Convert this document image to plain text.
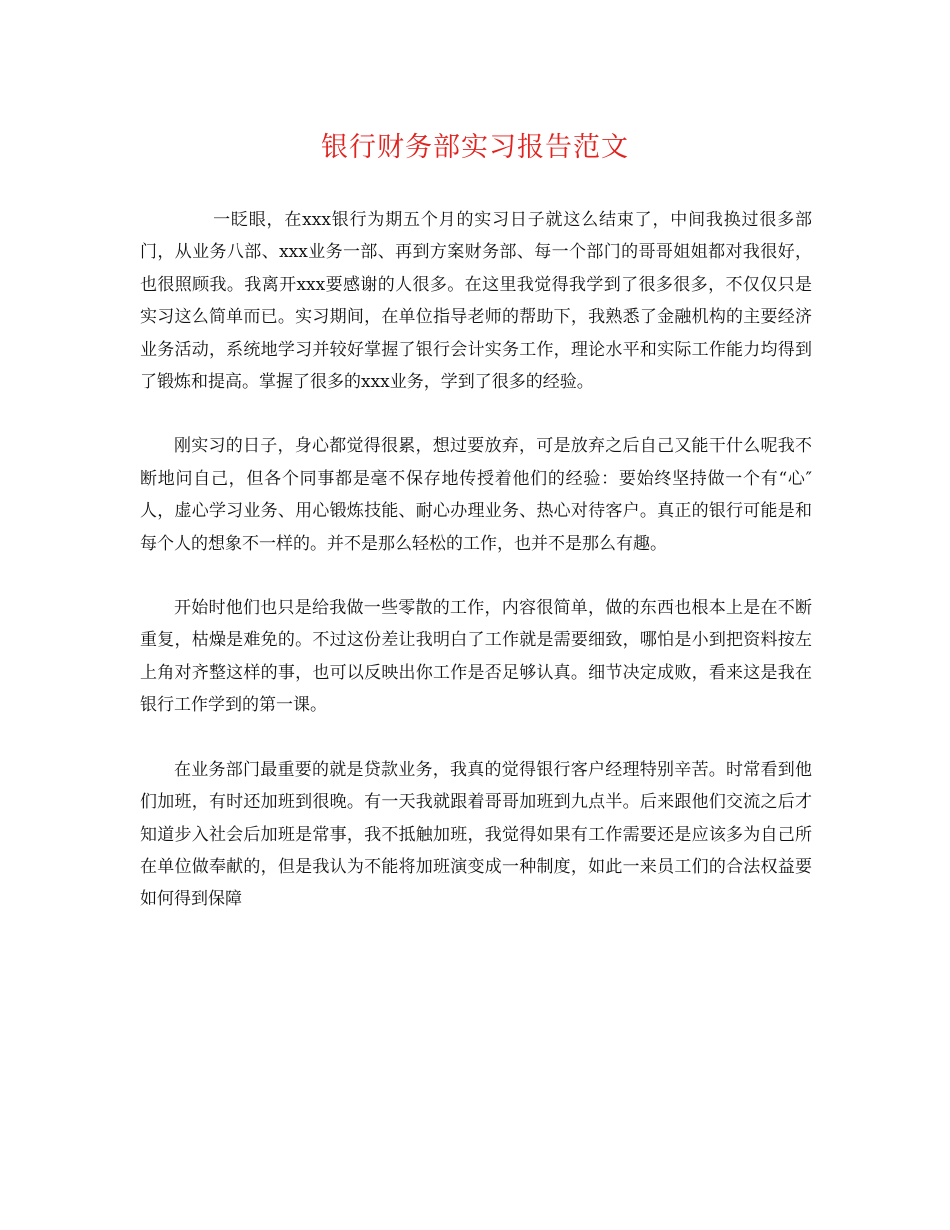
银行财务部实习报告范文

一眨眼，在xxx银行为期五个月的实习日子就这么结束了，中间我换过很多部门，从业务八部、xxx业务一部、再到方案财务部、每一个部门的哥哥姐姐都对我很好，也很照顾我。我离开xxx要感谢的人很多。在这里我觉得我学到了很多很多，不仅仅只是实习这么简单而已。实习期间，在单位指导老师的帮助下，我熟悉了金融机构的主要经济业务活动，系统地学习并较好掌握了银行会计实务工作，理论水平和实际工作能力均得到了锻炼和提高。掌握了很多的xxx业务，学到了很多的经验。

刚实习的日子，身心都觉得很累，想过要放弃，可是放弃之后自己又能干什么呢我不断地问自己，但各个同事都是毫不保存地传授着他们的经验：要始终坚持做一个有“心″人，虚心学习业务、用心锻炼技能、耐心办理业务、热心对待客户。真正的银行可能是和每个人的想象不一样的。并不是那么轻松的工作，也并不是那么有趣。

开始时他们也只是给我做一些零散的工作，内容很简单，做的东西也根本上是在不断重复，枯燥是难免的。不过这份差让我明白了工作就是需要细致，哪怕是小到把资料按左上角对齐整这样的事，也可以反映出你工作是否足够认真。细节决定成败，看来这是我在银行工作学到的第一课。

在业务部门最重要的就是贷款业务，我真的觉得银行客户经理特别辛苦。时常看到他们加班，有时还加班到很晚。有一天我就跟着哥哥加班到九点半。后来跟他们交流之后才知道步入社会后加班是常事，我不抵触加班，我觉得如果有工作需要还是应该多为自己所在单位做奉献的，但是我认为不能将加班演变成一种制度，如此一来员工们的合法权益要如何得到保障
